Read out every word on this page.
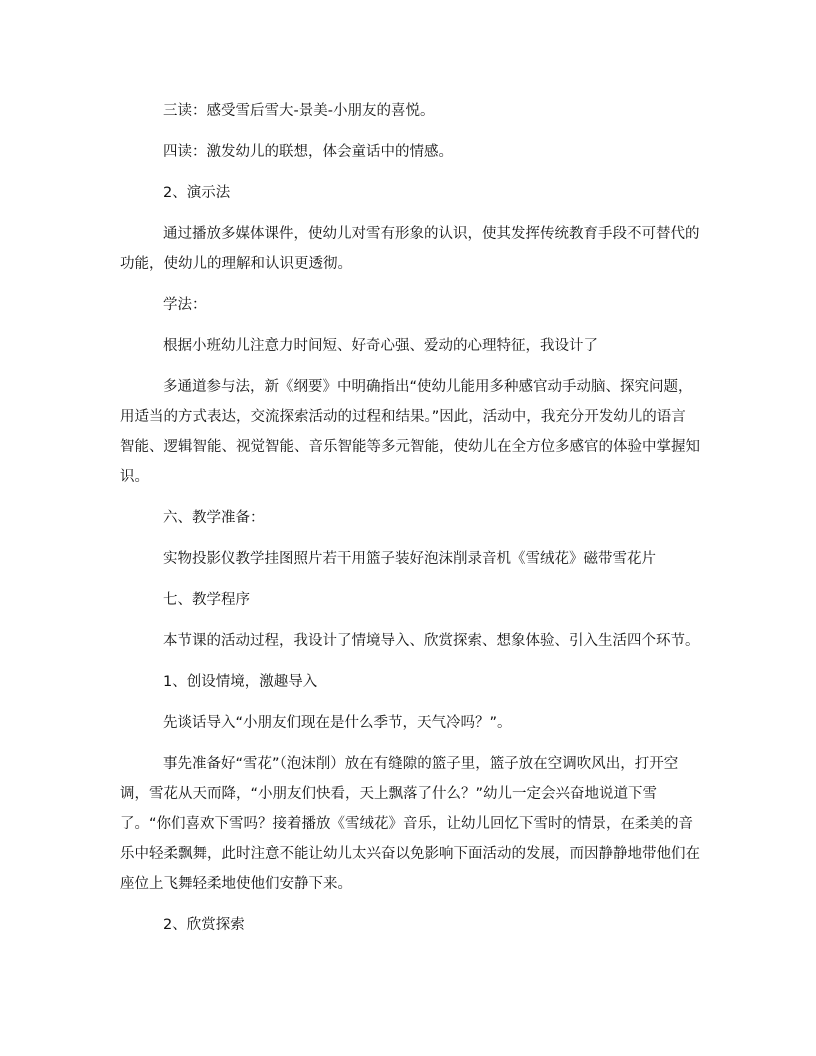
三读：感受雪后雪大-景美-小朋友的喜悦。

四读：激发幼儿的联想，体会童话中的情感。

2、演示法

通过播放多媒体课件，使幼儿对雪有形象的认识，使其发挥传统教育手段不可替代的功能，使幼儿的理解和认识更透彻。

学法：

根据小班幼儿注意力时间短、好奇心强、爱动的心理特征，我设计了

多通道参与法，新《纲要》中明确指出“使幼儿能用多种感官动手动脑、探究问题，用适当的方式表达，交流探索活动的过程和结果。”因此，活动中，我充分开发幼儿的语言智能、逻辑智能、视觉智能、音乐智能等多元智能，使幼儿在全方位多感官的体验中掌握知识。

六、教学准备：

实物投影仪教学挂图照片若干用篮子装好泡沫削录音机《雪绒花》磁带雪花片

七、教学程序

本节课的活动过程，我设计了情境导入、欣赏探索、想象体验、引入生活四个环节。

1、创设情境，激趣导入

先谈话导入“小朋友们现在是什么季节，天气冷吗？”。

事先准备好“雪花”（泡沫削）放在有缝隙的篮子里，篮子放在空调吹风出，打开空调，雪花从天而降，“小朋友们快看，天上飘落了什么？”幼儿一定会兴奋地说道下雪了。“你们喜欢下雪吗？接着播放《雪绒花》音乐，让幼儿回忆下雪时的情景，在柔美的音乐中轻柔飘舞，此时注意不能让幼儿太兴奋以免影响下面活动的发展，而因静静地带他们在座位上飞舞轻柔地使他们安静下来。

2、欣赏探索
